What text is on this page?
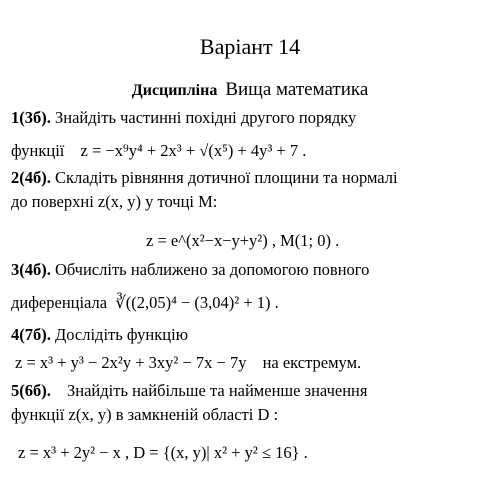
Варіант 14
Дисципліна Вища математика
1(3б). Знайдіть частинні похідні другого порядку
функції z = −x⁹y⁴ + 2x³ + √(x⁵) + 4y³ + 7 .
2(4б). Складіть рівняння дотичної площини та нормалі
до поверхні z(x, y) у точці M:
z = e^(x²−x−y+y²) , M(1; 0) .
3(4б). Обчисліть наближено за допомогою повного
диференціала ∛((2,05)⁴ − (3,04)² + 1) .
4(7б). Дослідіть функцію
z = x³ + y³ − 2x²y + 3xy² − 7x − 7y на екстремум.
5(6б). Знайдіть найбільше та найменше значення
функції z(x, y) в замкненій області D :
z = x³ + 2y² − x , D = {(x, y)| x² + y² ≤ 16} .
